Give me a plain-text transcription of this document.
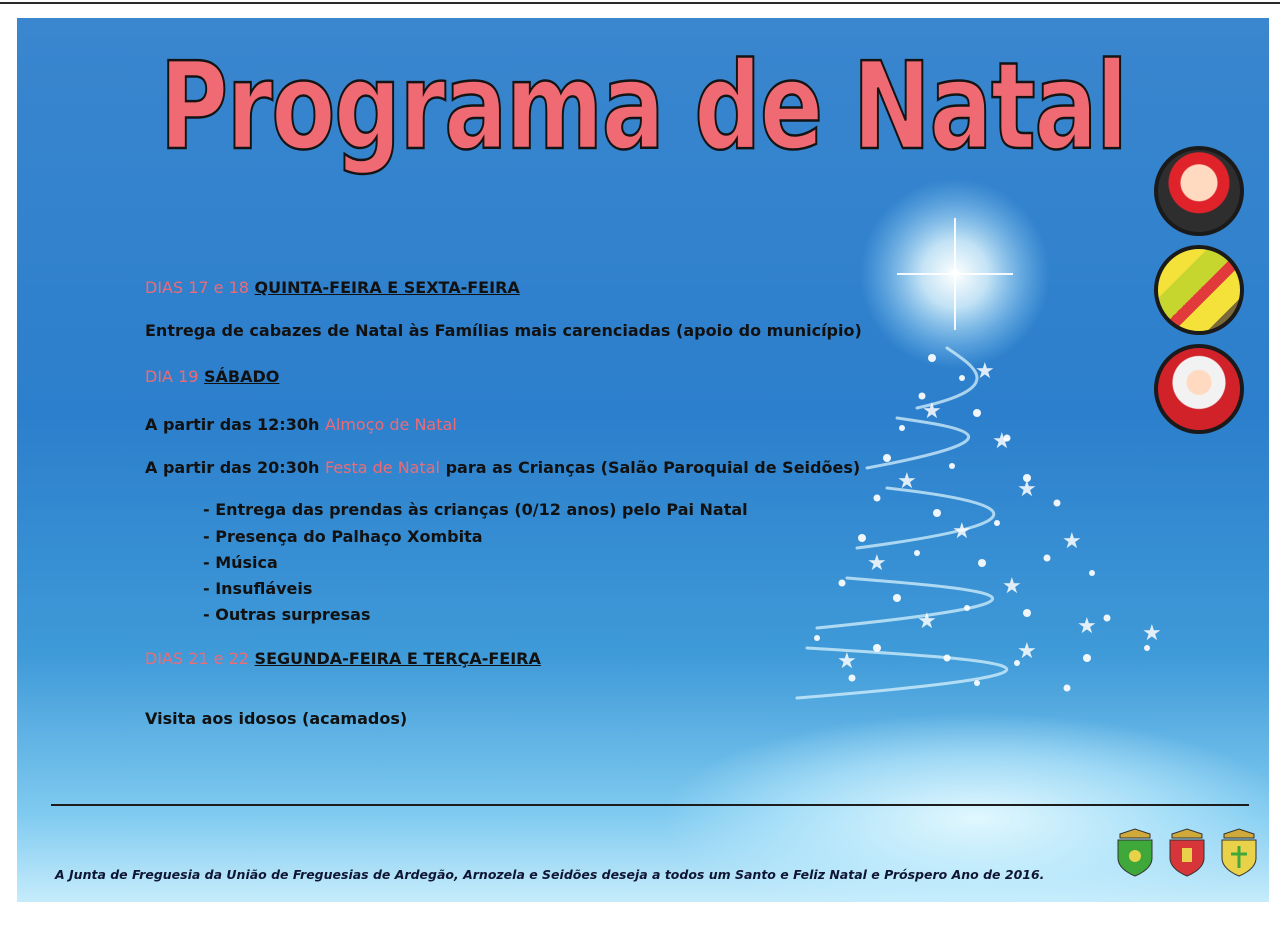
★
★
★
★	★
★
★
★
★
★	★
★	★
★
Programa de Natal
DIAS 17 e 18 QUINTA-FEIRA E SEXTA-FEIRA
Entrega de cabazes de Natal às Famílias mais carenciadas (apoio do município)
DIA 19 SÁBADO
A partir das 12:30h Almoço de Natal
A partir das 20:30h Festa de Natal para as Crianças (Salão Paroquial de Seidões)
- Entrega das prendas às crianças (0/12 anos) pelo Pai Natal
- Presença do Palhaço Xombita
- Música
- Insufláveis
- Outras surpresas
DIAS 21 e 22 SEGUNDA-FEIRA E TERÇA-FEIRA
Visita aos idosos (acamados)
A Junta de Freguesia da União de Freguesias de Ardegão, Arnozela e Seidões deseja a todos um Santo e Feliz Natal e Próspero Ano de 2016.
